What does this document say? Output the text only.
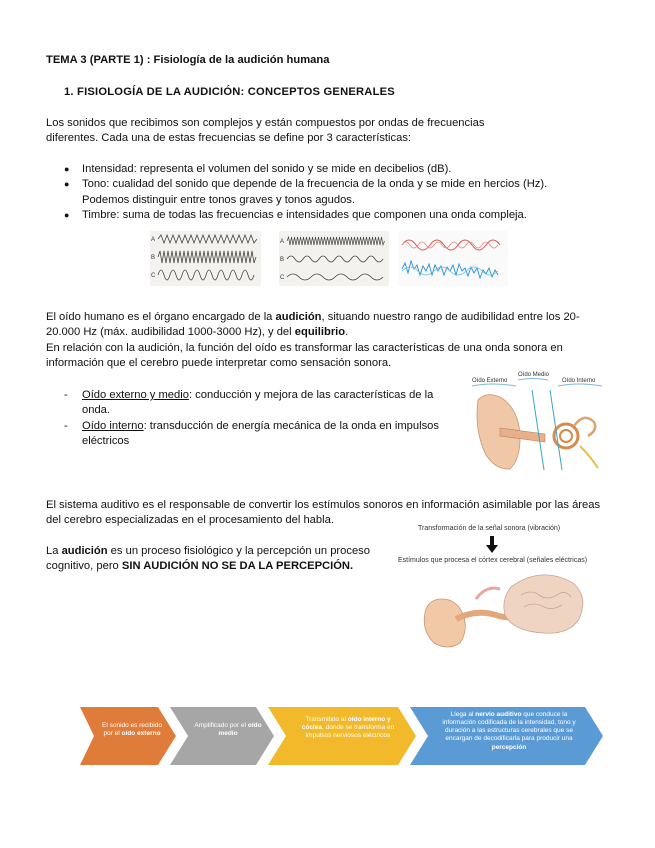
TEMA 3 (PARTE 1) : Fisiología de la audición humana
1. FISIOLOGÍA DE LA AUDICIÓN: CONCEPTOS GENERALES
Los sonidos que recibimos son complejos y están compuestos por ondas de frecuencias
diferentes. Cada una de estas frecuencias se define por 3 características:
● Intensidad: representa el volumen del sonido y se mide en decibelios (dB).
● Tono: cualidad del sonido que depende de la frecuencia de la onda y se mide en hercios (Hz). Podemos distinguir entre tonos graves y tonos agudos.
● Timbre: suma de todas las frecuencias e intensidades que componen una onda compleja.
A
B
C
A
B
C
El oído humano es el órgano encargado de la audición, situando nuestro rango de audibilidad entre los 20-20.000 Hz (máx. audibilidad 1000-3000 Hz), y del equilibrio.
En relación con la audición, la función del oído es transformar las características de una onda sonora en información que el cerebro puede interpretar como sensación sonora.
- Oído externo y medio: conducción y mejora de las características de la onda.
- Oído interno: transducción de energía mecánica de la onda en impulsos eléctricos
Oído Externo
Oído Medio
Oído Interno
El sistema auditivo es el responsable de convertir los estímulos sonoros en información asimilable por las áreas del cerebro especializadas en el procesamiento del habla.
La audición es un proceso fisiológico y la percepción un proceso cognitivo, pero SIN AUDICIÓN NO SE DA LA PERCEPCIÓN.
Transformación de la señal sonora (vibración)
Estímulos que procesa el córtex cerebral (señales eléctricas)
El sonido es recibido por el oído externo
Amplificado por el oído medio
Transmitido al oído interno y cóclea, donde se transforma en impulsos nerviosos eléctricos
Llega al nervio auditivo que conduce la información codificada de la intensidad, tono y duración a las estructuras cerebrales que se encargan de decodificarla para producir una percepción
